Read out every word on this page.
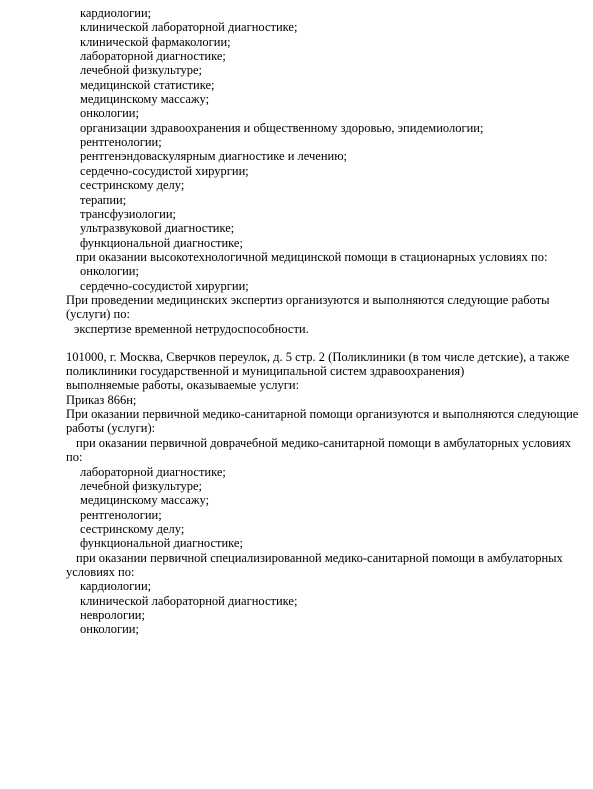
кардиологии;
клинической лабораторной диагностике;
клинической фармакологии;
лабораторной диагностике;
лечебной физкультуре;
медицинской статистике;
медицинскому массажу;
онкологии;
организации здравоохранения и общественному здоровью, эпидемиологии;
рентгенологии;
рентгенэндоваскулярным диагностике и лечению;
сердечно-сосудистой хирургии;
сестринскому делу;
терапии;
трансфузиологии;
ультразвуковой диагностике;
функциональной диагностике;
при оказании высокотехнологичной медицинской помощи в стационарных условиях по:
онкологии;
сердечно-сосудистой хирургии;
При проведении медицинских экспертиз организуются и выполняются следующие работы
(услуги) по:
экспертизе временной нетрудоспособности.
101000, г. Москва, Сверчков переулок, д. 5 стр. 2 (Поликлиники (в том числе детские), а также
поликлиники государственной и муниципальной систем здравоохранения)
выполняемые работы, оказываемые услуги:
Приказ 866н;
При оказании первичной медико-санитарной помощи организуются и выполняются следующие
работы (услуги):
при оказании первичной доврачебной медико-санитарной помощи в амбулаторных условиях
по:
лабораторной диагностике;
лечебной физкультуре;
медицинскому массажу;
рентгенологии;
сестринскому делу;
функциональной диагностике;
при оказании первичной специализированной медико-санитарной помощи в амбулаторных
условиях по:
кардиологии;
клинической лабораторной диагностике;
неврологии;
онкологии;
